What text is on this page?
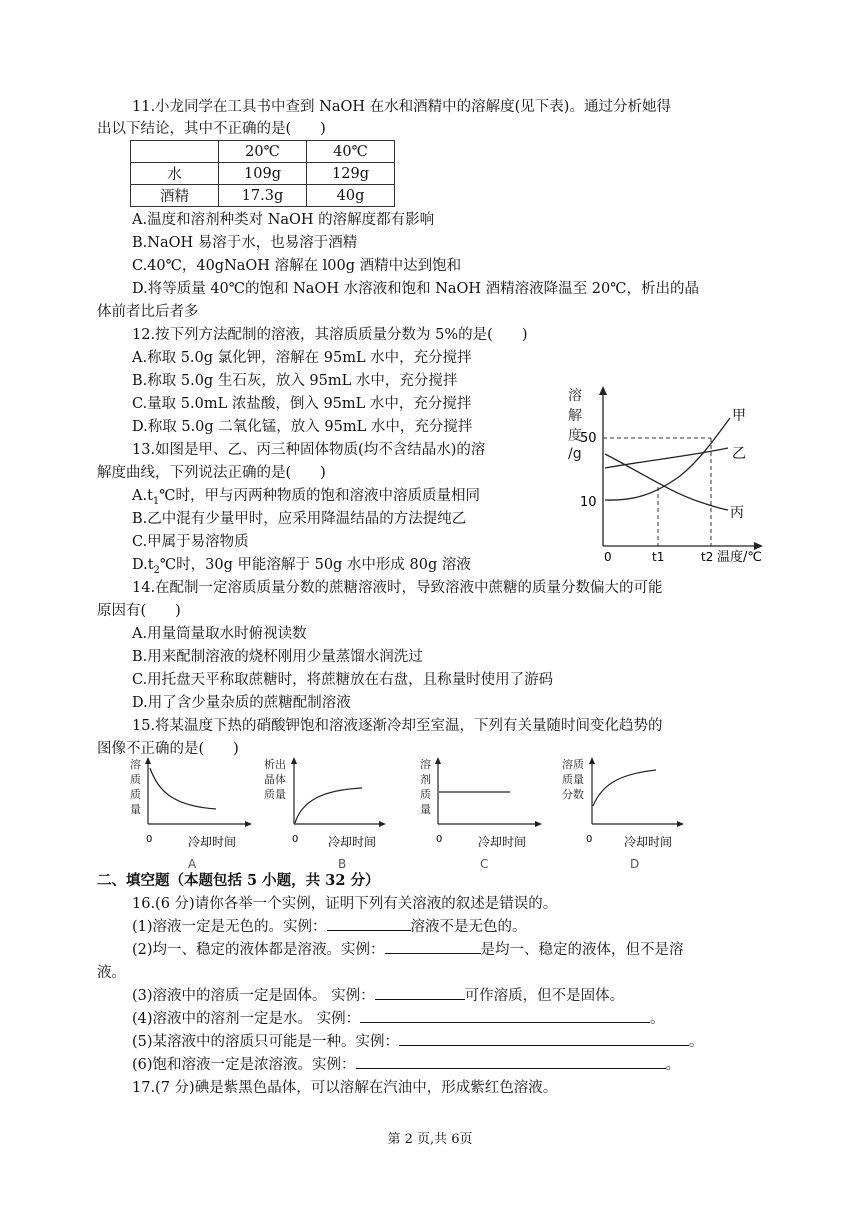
11.小龙同学在工具书中查到 NaOH 在水和酒精中的溶解度(见下表)。通过分析她得
出以下结论，其中不正确的是(　　)
	20℃	40℃
水	109g	129g
酒精	17.3g	40g
A.温度和溶剂种类对 NaOH 的溶解度都有影响
B.NaOH 易溶于水，也易溶于酒精
C.40℃，40gNaOH 溶解在 l00g 酒精中达到饱和
D.将等质量 40℃的饱和 NaOH 水溶液和饱和 NaOH 酒精溶液降温至 20℃，析出的晶
体前者比后者多
12.按下列方法配制的溶液，其溶质质量分数为 5%的是(　　)
A.称取 5.0g 氯化钾，溶解在 95mL 水中，充分搅拌
B.称取 5.0g 生石灰，放入 95mL 水中，充分搅拌
C.量取 5.0mL 浓盐酸，倒入 95mL 水中，充分搅拌
D.称取 5.0g 二氧化锰，放入 95mL 水中，充分搅拌
13.如图是甲、乙、丙三种固体物质(均不含结晶水)的溶
解度曲线，下列说法正确的是(　　)
$A.t_1℃$时，甲与丙两种物质的饱和溶液中溶质质量相同
B.乙中混有少量甲时，应采用降温结晶的方法提纯乙
C.甲属于易溶物质
$D.t_2℃$时，30g 甲能溶解于 50g 水中形成 80g 溶液
溶
解
度
/g
50
10
0	t1	t2 温度/℃
甲
乙
丙
14.在配制一定溶质质量分数的蔗糖溶液时，导致溶液中蔗糖的质量分数偏大的可能
原因有(　　)
A.用量筒量取水时俯视读数
B.用来配制溶液的烧杯刚用少量蒸馏水润洗过
C.用托盘天平称取蔗糖时，将蔗糖放在右盘，且称量时使用了游码
D.用了含少量杂质的蔗糖配制溶液
15.将某温度下热的硝酸钾饱和溶液逐渐冷却至室温，下列有关量随时间变化趋势的
图像不正确的是(　　)
溶
质
质
量
0	冷却时间
A
析出
晶体
质量
0 冷却时间
B
溶
剂
质
量
0	冷却时间
C
溶质
质量
分数
0	冷却时间
D
二、填空题（本题包括 5 小题，共 32 分）
16.(6 分)请你各举一个实例，证明下列有关溶液的叙述是错误的。
(1)溶液一定是无色的。实例：	溶液不是无色的。
(2)均一、稳定的液体都是溶液。实例：	是均一、稳定的液体，但不是溶
液。
(3)溶液中的溶质一定是固体。 实例：	可作溶质，但不是固体。
(4)溶液中的溶剂一定是水。 实例：	。
(5)某溶液中的溶质只可能是一种。实例：	。
(6)饱和溶液一定是浓溶液。实例：	。
17.(7 分)碘是紫黑色晶体，可以溶解在汽油中，形成紫红色溶液。
第 2 页,共 6页
